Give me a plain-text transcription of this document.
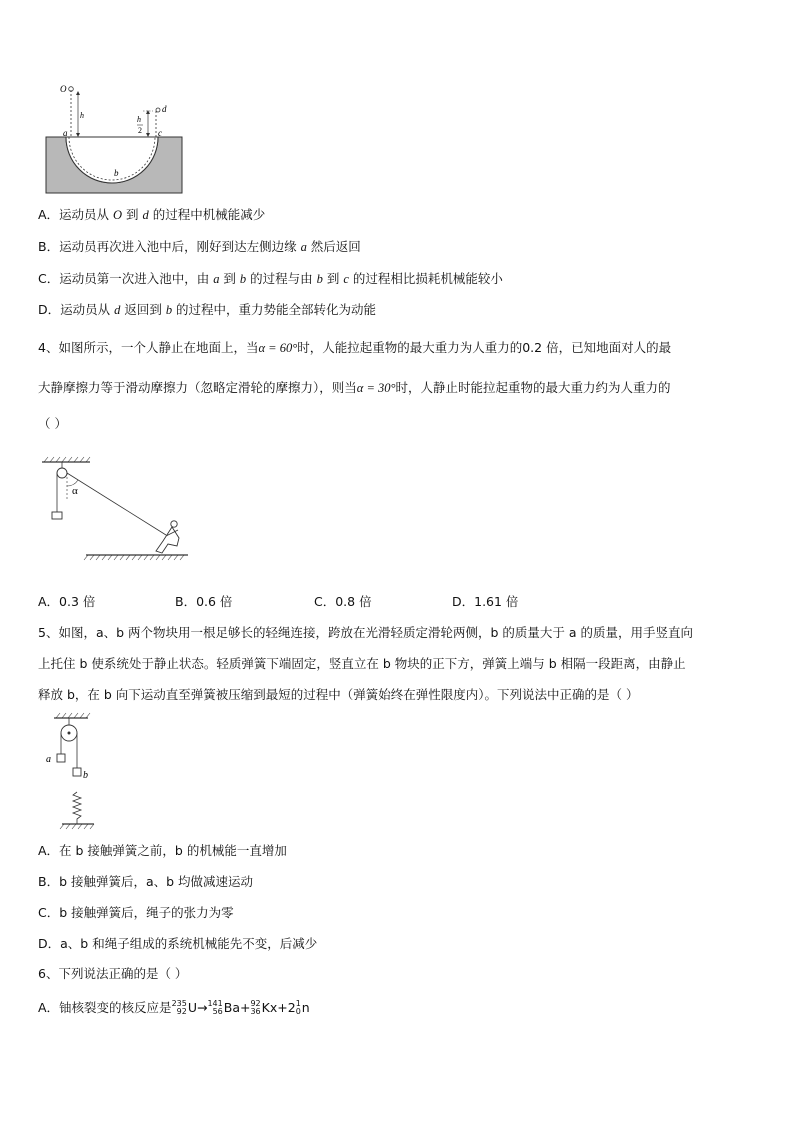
O
h	h
2
d
a	c
b
A．运动员从 O 到 d 的过程中机械能减少
B．运动员再次进入池中后，刚好到达左侧边缘 a 然后返回
C．运动员第一次进入池中，由 a 到 b 的过程与由 b 到 c 的过程相比损耗机械能较小
D．运动员从 d 返回到 b 的过程中，重力势能全部转化为动能
4、如图所示，一个人静止在地面上，当α = 60°时，人能拉起重物的最大重力为人重力的0.2 倍，已知地面对人的最
大静摩擦力等于滑动摩擦力（忽略定滑轮的摩擦力），则当α = 30°时，人静止时能拉起重物的最大重力约为人重力的
（ ）
α
A．0.3 倍	B．0.6 倍	C．0.8 倍	D．1.61 倍
5、如图，a、b 两个物块用一根足够长的轻绳连接，跨放在光滑轻质定滑轮两侧，b 的质量大于 a 的质量，用手竖直向
上托住 b 使系统处于静止状态。轻质弹簧下端固定，竖直立在 b 物块的正下方，弹簧上端与 b 相隔一段距离，由静止
释放 b，在 b 向下运动直至弹簧被压缩到最短的过程中（弹簧始终在弹性限度内）。下列说法中正确的是（ ）
a
b
A．在 b 接触弹簧之前，b 的机械能一直增加
B．b 接触弹簧后，a、b 均做减速运动
C．b 接触弹簧后，绳子的张力为零
D．a、b 和绳子组成的系统机械能先不变，后减少
6、下列说法正确的是（ ）
A．铀核裂变的核反应是 235
92 U→ 141
56 Ba+ 92
36 Kx+2 1
0 n
